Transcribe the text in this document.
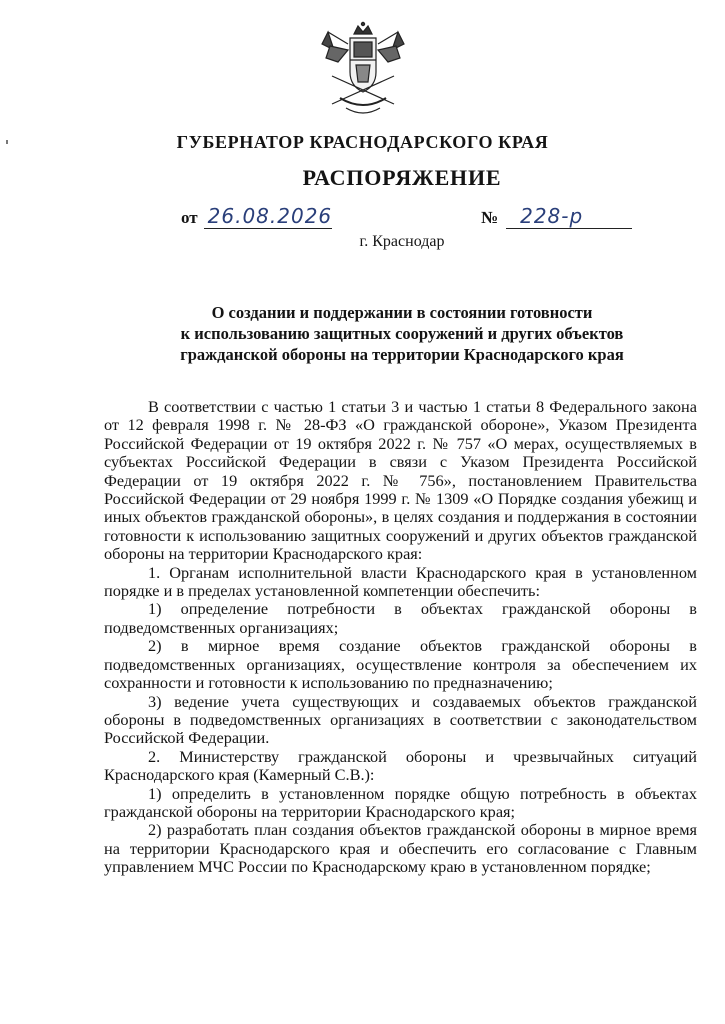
ГУБЕРНАТОР КРАСНОДАРСКОГО КРАЯ
РАСПОРЯЖЕНИЕ
от 26.08.2026	№ 228-р
г. Краснодар
О создании и поддержании в состоянии готовности
к использованию защитных сооружений и других объектов
гражданской обороны на территории Краснодарского края

В соответствии с частью 1 статьи 3 и частью 1 статьи 8 Федерального закона от 12 февраля 1998 г. № 28-ФЗ «О гражданской обороне», Указом Президента Российской Федерации от 19 октября 2022 г. № 757 «О мерах, осуществляемых в субъектах Российской Федерации в связи с Указом Президента Российской Федерации от 19 октября 2022 г. № 756», постановлением Правительства Российской Федерации от 29 ноября 1999 г. № 1309 «О Порядке создания убежищ и иных объектов гражданской обороны», в целях создания и поддержания в состоянии готовности к использованию защитных сооружений и других объектов гражданской обороны на территории Краснодарского края:

1. Органам исполнительной власти Краснодарского края в установленном порядке и в пределах установленной компетенции обеспечить:

1) определение потребности в объектах гражданской обороны в подведомственных организациях;

2) в мирное время создание объектов гражданской обороны в подведомственных организациях, осуществление контроля за обеспечением их сохранности и готовности к использованию по предназначению;

3) ведение учета существующих и создаваемых объектов гражданской обороны в подведомственных организациях в соответствии с законодательством Российской Федерации.

2. Министерству гражданской обороны и чрезвычайных ситуаций Краснодарского края (Камерный С.В.):

1) определить в установленном порядке общую потребность в объектах гражданской обороны на территории Краснодарского края;

2) разработать план создания объектов гражданской обороны в мирное время на территории Краснодарского края и обеспечить его согласование с Главным управлением МЧС России по Краснодарскому краю в установленном порядке;
